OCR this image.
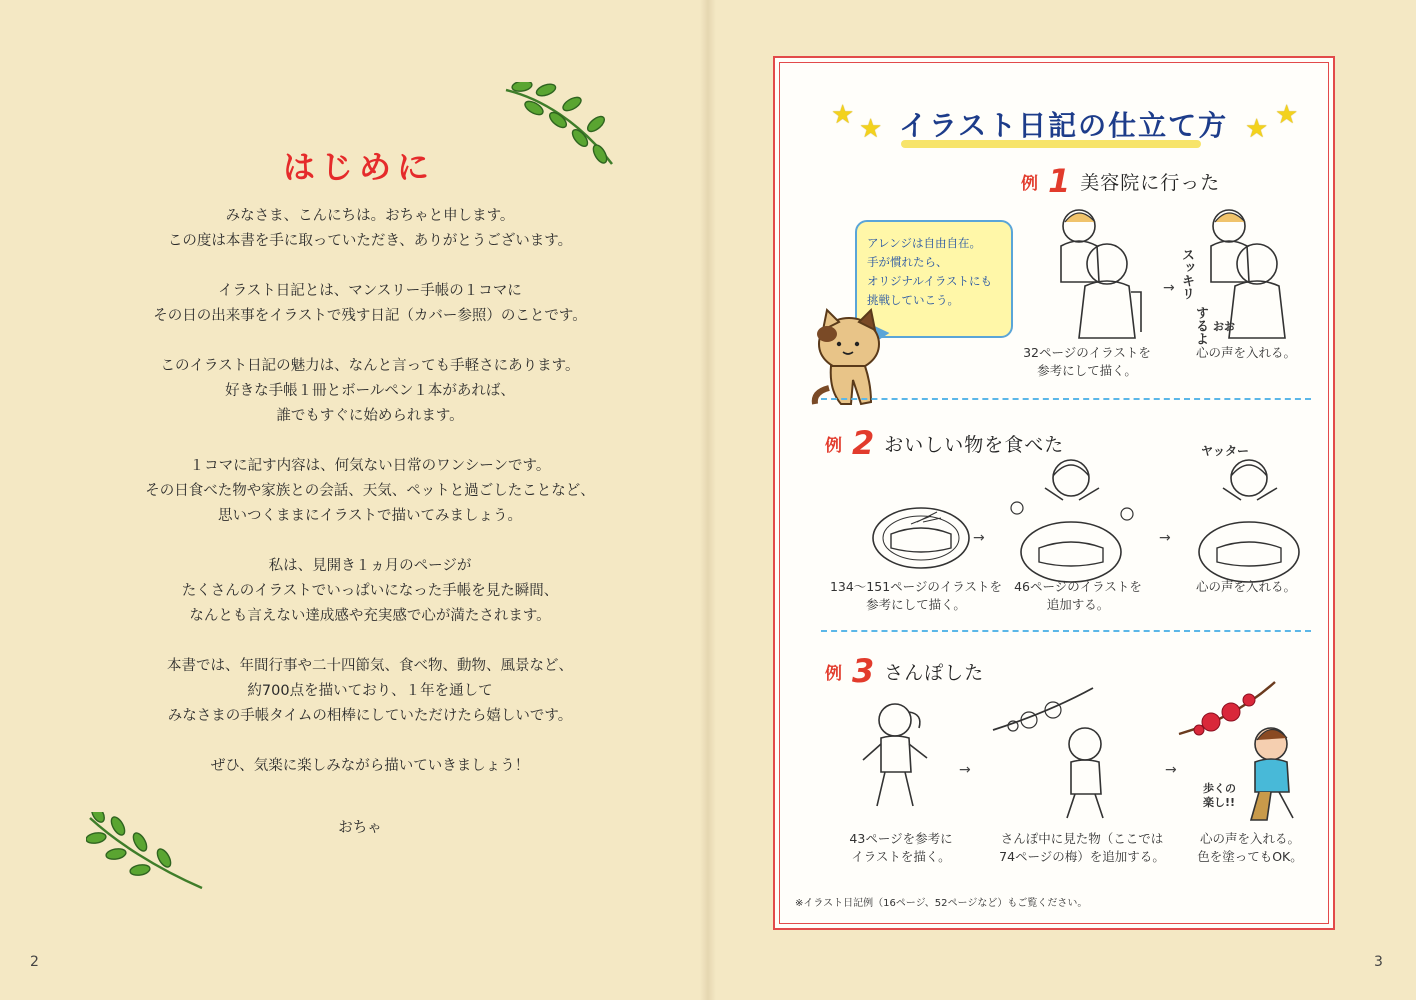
はじめに

みなさま、こんにちは。おちゃと申します。
この度は本書を手に取っていただき、ありがとうございます。

イラスト日記とは、マンスリー手帳の１コマに
その日の出来事をイラストで残す日記（カバー参照）のことです。

このイラスト日記の魅力は、なんと言っても手軽さにあります。
好きな手帳１冊とボールペン１本があれば、
誰でもすぐに始められます。

１コマに記す内容は、何気ない日常のワンシーンです。
その日食べた物や家族との会話、天気、ペットと過ごしたことなど、
思いつくままにイラストで描いてみましょう。

私は、見開き１ヵ月のページが
たくさんのイラストでいっぱいになった手帳を見た瞬間、
なんとも言えない達成感や充実感で心が満たされます。

本書では、年間行事や二十四節気、食べ物、動物、風景など、
約700点を描いており、１年を通して
みなさまの手帳タイムの相棒にしていただけたら嬉しいです。

ぜひ、気楽に楽しみながら描いていきましょう！

おちゃ
2
★ ★	★ ★
イラスト日記の仕立て方
例 1 美容院に行った
アレンジは自由自在。
手が慣れたら、
オリジナルイラストにも
挑戦していこう。
→ スッキリ
するよ おお
32ページのイラストを
参考にして描く。
心の声を入れる。
例 2 おいしい物を食べた
→	→
ヤッター
134〜151ページのイラストを
参考にして描く。
46ページのイラストを
追加する。
心の声を入れる。
例 3 さんぽした
→	→
歩くの
楽し!!
43ページを参考に
イラストを描く。
さんぽ中に見た物（ここでは
74ページの梅）を追加する。
心の声を入れる。
色を塗ってもOK。
※イラスト日記例（16ページ、52ページなど）もご覧ください。
3
